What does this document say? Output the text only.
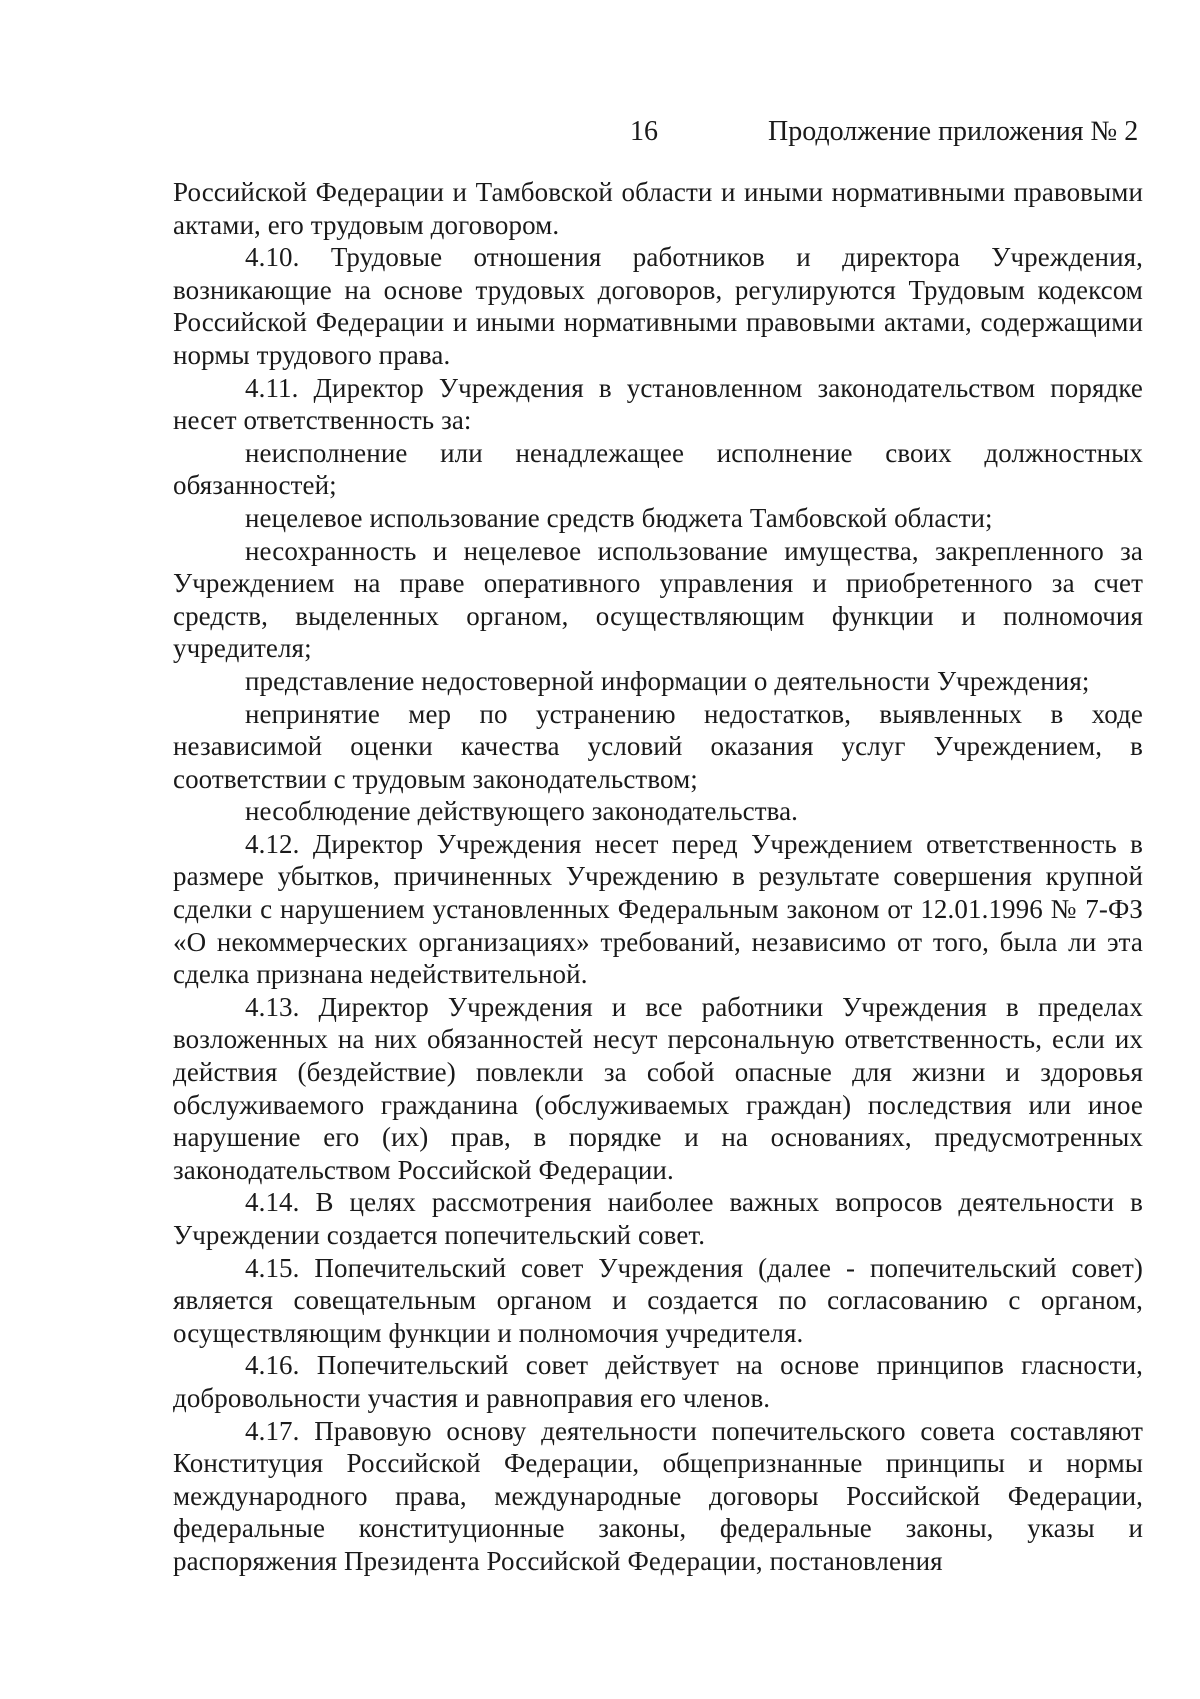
16	Продолжение приложения № 2

Российской Федерации и Тамбовской области и иными нормативными правовыми актами, его трудовым договором.

4.10. Трудовые отношения работников и директора Учреждения, возникающие на основе трудовых договоров, регулируются Трудовым кодексом Российской Федерации и иными нормативными правовыми актами, содержащими нормы трудового права.

4.11. Директор Учреждения в установленном законодательством порядке несет ответственность за:

неисполнение или ненадлежащее исполнение своих должностных обязанностей;

нецелевое использование средств бюджета Тамбовской области;

несохранность и нецелевое использование имущества, закрепленного за Учреждением на праве оперативного управления и приобретенного за счет средств, выделенных органом, осуществляющим функции и полномочия учредителя;

представление недостоверной информации о деятельности Учреждения;

непринятие мер по устранению недостатков, выявленных в ходе независимой оценки качества условий оказания услуг Учреждением, в соответствии с трудовым законодательством;

несоблюдение действующего законодательства.

4.12. Директор Учреждения несет перед Учреждением ответственность в размере убытков, причиненных Учреждению в результате совершения крупной сделки с нарушением установленных Федеральным законом от 12.01.1996 № 7-ФЗ «О некоммерческих организациях» требований, независимо от того, была ли эта сделка признана недействительной.

4.13. Директор Учреждения и все работники Учреждения в пределах возложенных на них обязанностей несут персональную ответственность, если их действия (бездействие) повлекли за собой опасные для жизни и здоровья обслуживаемого гражданина (обслуживаемых граждан) последствия или иное нарушение его (их) прав, в порядке и на основаниях, предусмотренных законодательством Российской Федерации.

4.14. В целях рассмотрения наиболее важных вопросов деятельности в Учреждении создается попечительский совет.

4.15. Попечительский совет Учреждения (далее - попечительский совет) является совещательным органом и создается по согласованию с органом, осуществляющим функции и полномочия учредителя.

4.16. Попечительский совет действует на основе принципов гласности, добровольности участия и равноправия его членов.

4.17. Правовую основу деятельности попечительского совета составляют Конституция Российской Федерации, общепризнанные принципы и нормы международного права, международные договоры Российской Федерации, федеральные конституционные законы, федеральные законы, указы и распоряжения Президента Российской Федерации, постановления
